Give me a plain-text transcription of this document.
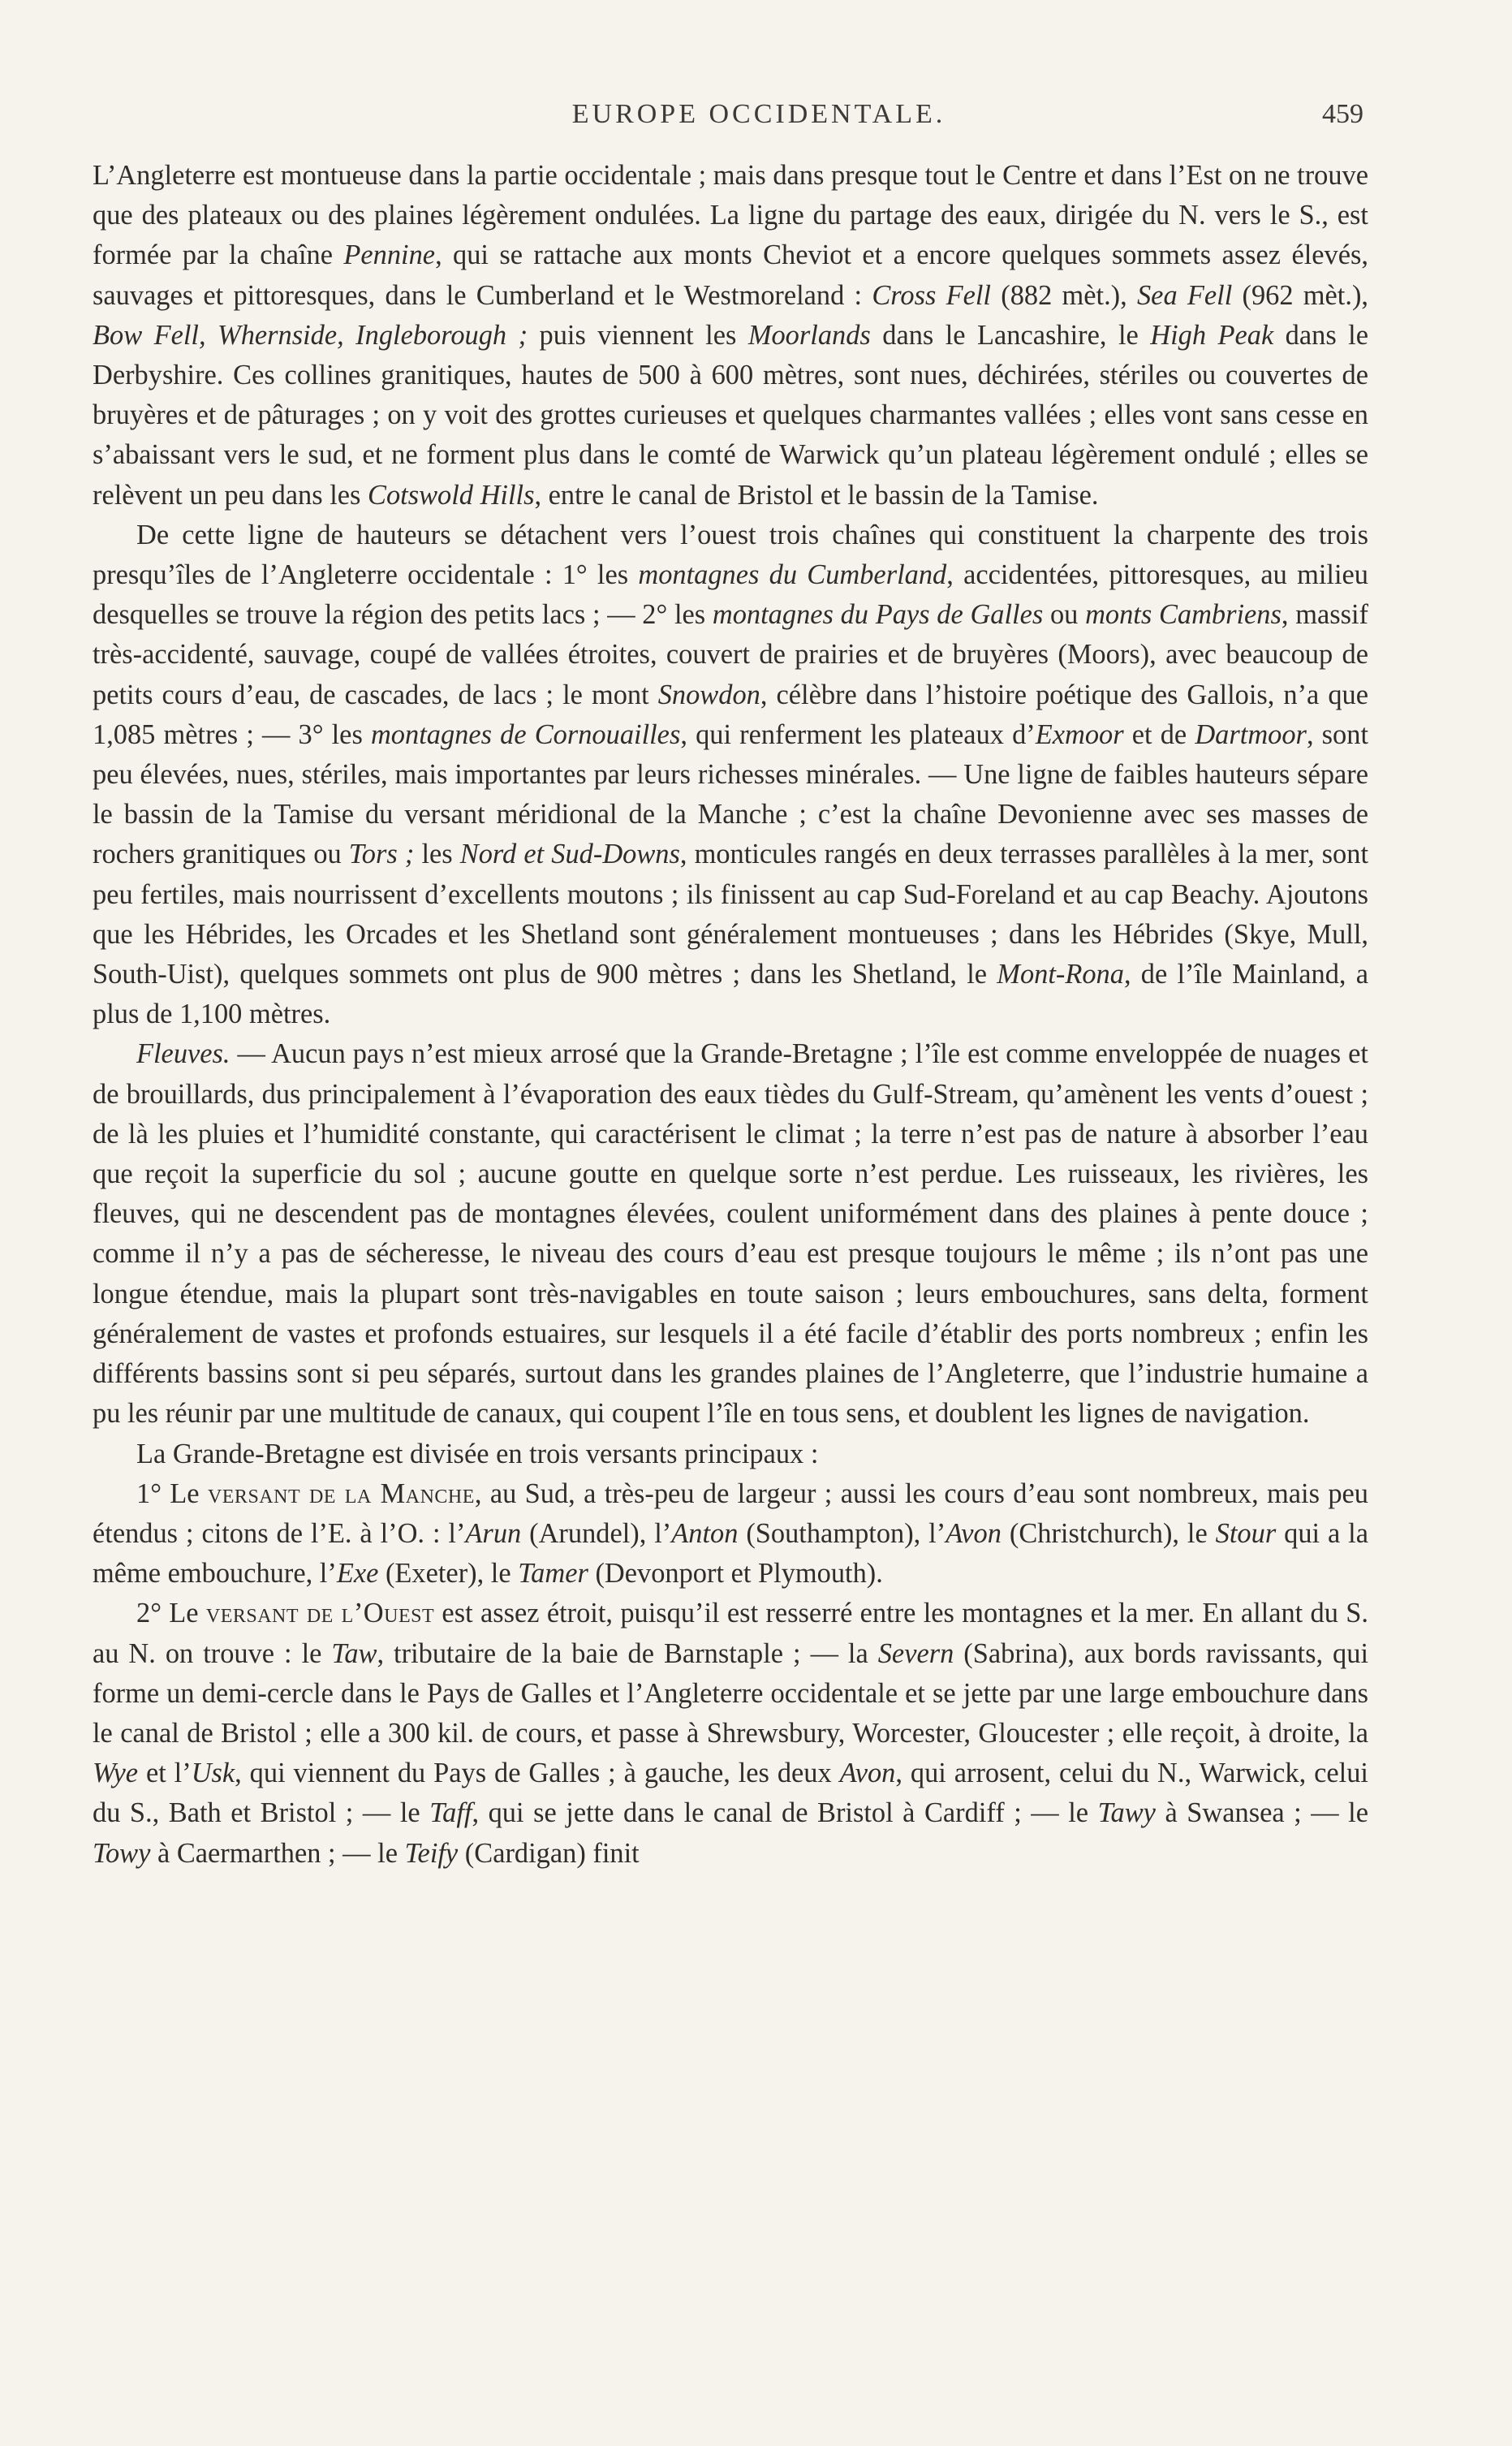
EUROPE OCCIDENTALE.	459

L’Angleterre est montueuse dans la partie occidentale ; mais dans presque tout le Centre et dans l’Est on ne trouve que des plateaux ou des plaines légèrement ondulées. La ligne du partage des eaux, dirigée du N. vers le S., est formée par la chaîne Pennine, qui se rattache aux monts Cheviot et a encore quelques sommets assez élevés, sauvages et pittoresques, dans le Cumberland et le Westmoreland : Cross Fell (882 mèt.), Sea Fell (962 mèt.), Bow Fell, Whernside, Ingleborough ; puis viennent les Moorlands dans le Lancashire, le High Peak dans le Derbyshire. Ces collines granitiques, hautes de 500 à 600 mètres, sont nues, déchirées, stériles ou couvertes de bruyères et de pâturages ; on y voit des grottes curieuses et quelques charmantes vallées ; elles vont sans cesse en s’abaissant vers le sud, et ne forment plus dans le comté de Warwick qu’un plateau légèrement ondulé ; elles se relèvent un peu dans les Cotswold Hills, entre le canal de Bristol et le bassin de la Tamise.

De cette ligne de hauteurs se détachent vers l’ouest trois chaînes qui constituent la charpente des trois presqu’îles de l’Angleterre occidentale : 1° les montagnes du Cumberland, accidentées, pittoresques, au milieu desquelles se trouve la région des petits lacs ; — 2° les montagnes du Pays de Galles ou monts Cambriens, massif très-accidenté, sauvage, coupé de vallées étroites, couvert de prairies et de bruyères (Moors), avec beaucoup de petits cours d’eau, de cascades, de lacs ; le mont Snowdon, célèbre dans l’histoire poétique des Gallois, n’a que 1,085 mètres ; — 3° les montagnes de Cornouailles, qui renferment les plateaux d’Exmoor et de Dartmoor, sont peu élevées, nues, stériles, mais importantes par leurs richesses minérales. — Une ligne de faibles hauteurs sépare le bassin de la Tamise du versant méridional de la Manche ; c’est la chaîne Devonienne avec ses masses de rochers granitiques ou Tors ; les Nord et Sud-Downs, monticules rangés en deux terrasses parallèles à la mer, sont peu fertiles, mais nourrissent d’excellents moutons ; ils finissent au cap Sud-Foreland et au cap Beachy. Ajoutons que les Hébrides, les Orcades et les Shetland sont généralement montueuses ; dans les Hébrides (Skye, Mull, South-Uist), quelques sommets ont plus de 900 mètres ; dans les Shetland, le Mont-Rona, de l’île Mainland, a plus de 1,100 mètres.

Fleuves. — Aucun pays n’est mieux arrosé que la Grande-Bretagne ; l’île est comme enveloppée de nuages et de brouillards, dus principalement à l’évaporation des eaux tièdes du Gulf-Stream, qu’amènent les vents d’ouest ; de là les pluies et l’humidité constante, qui caractérisent le climat ; la terre n’est pas de nature à absorber l’eau que reçoit la superficie du sol ; aucune goutte en quelque sorte n’est perdue. Les ruisseaux, les rivières, les fleuves, qui ne descendent pas de montagnes élevées, coulent uniformément dans des plaines à pente douce ; comme il n’y a pas de sécheresse, le niveau des cours d’eau est presque toujours le même ; ils n’ont pas une longue étendue, mais la plupart sont très-navigables en toute saison ; leurs embouchures, sans delta, forment généralement de vastes et profonds estuaires, sur lesquels il a été facile d’établir des ports nombreux ; enfin les différents bassins sont si peu séparés, surtout dans les grandes plaines de l’Angleterre, que l’industrie humaine a pu les réunir par une multitude de canaux, qui coupent l’île en tous sens, et doublent les lignes de navigation.

La Grande-Bretagne est divisée en trois versants principaux :

1° Le versant de la Manche, au Sud, a très-peu de largeur ; aussi les cours d’eau sont nombreux, mais peu étendus ; citons de l’E. à l’O. : l’Arun (Arundel), l’Anton (Southampton), l’Avon (Christchurch), le Stour qui a la même embouchure, l’Exe (Exeter), le Tamer (Devonport et Plymouth).

2° Le versant de l’Ouest est assez étroit, puisqu’il est resserré entre les montagnes et la mer. En allant du S. au N. on trouve : le Taw, tributaire de la baie de Barnstaple ; — la Severn (Sabrina), aux bords ravissants, qui forme un demi-cercle dans le Pays de Galles et l’Angleterre occidentale et se jette par une large embouchure dans le canal de Bristol ; elle a 300 kil. de cours, et passe à Shrewsbury, Worcester, Gloucester ; elle reçoit, à droite, la Wye et l’Usk, qui viennent du Pays de Galles ; à gauche, les deux Avon, qui arrosent, celui du N., Warwick, celui du S., Bath et Bristol ; — le Taff, qui se jette dans le canal de Bristol à Cardiff ; — le Tawy à Swansea ; — le Towy à Caermarthen ; — le Teify (Cardigan) finit
